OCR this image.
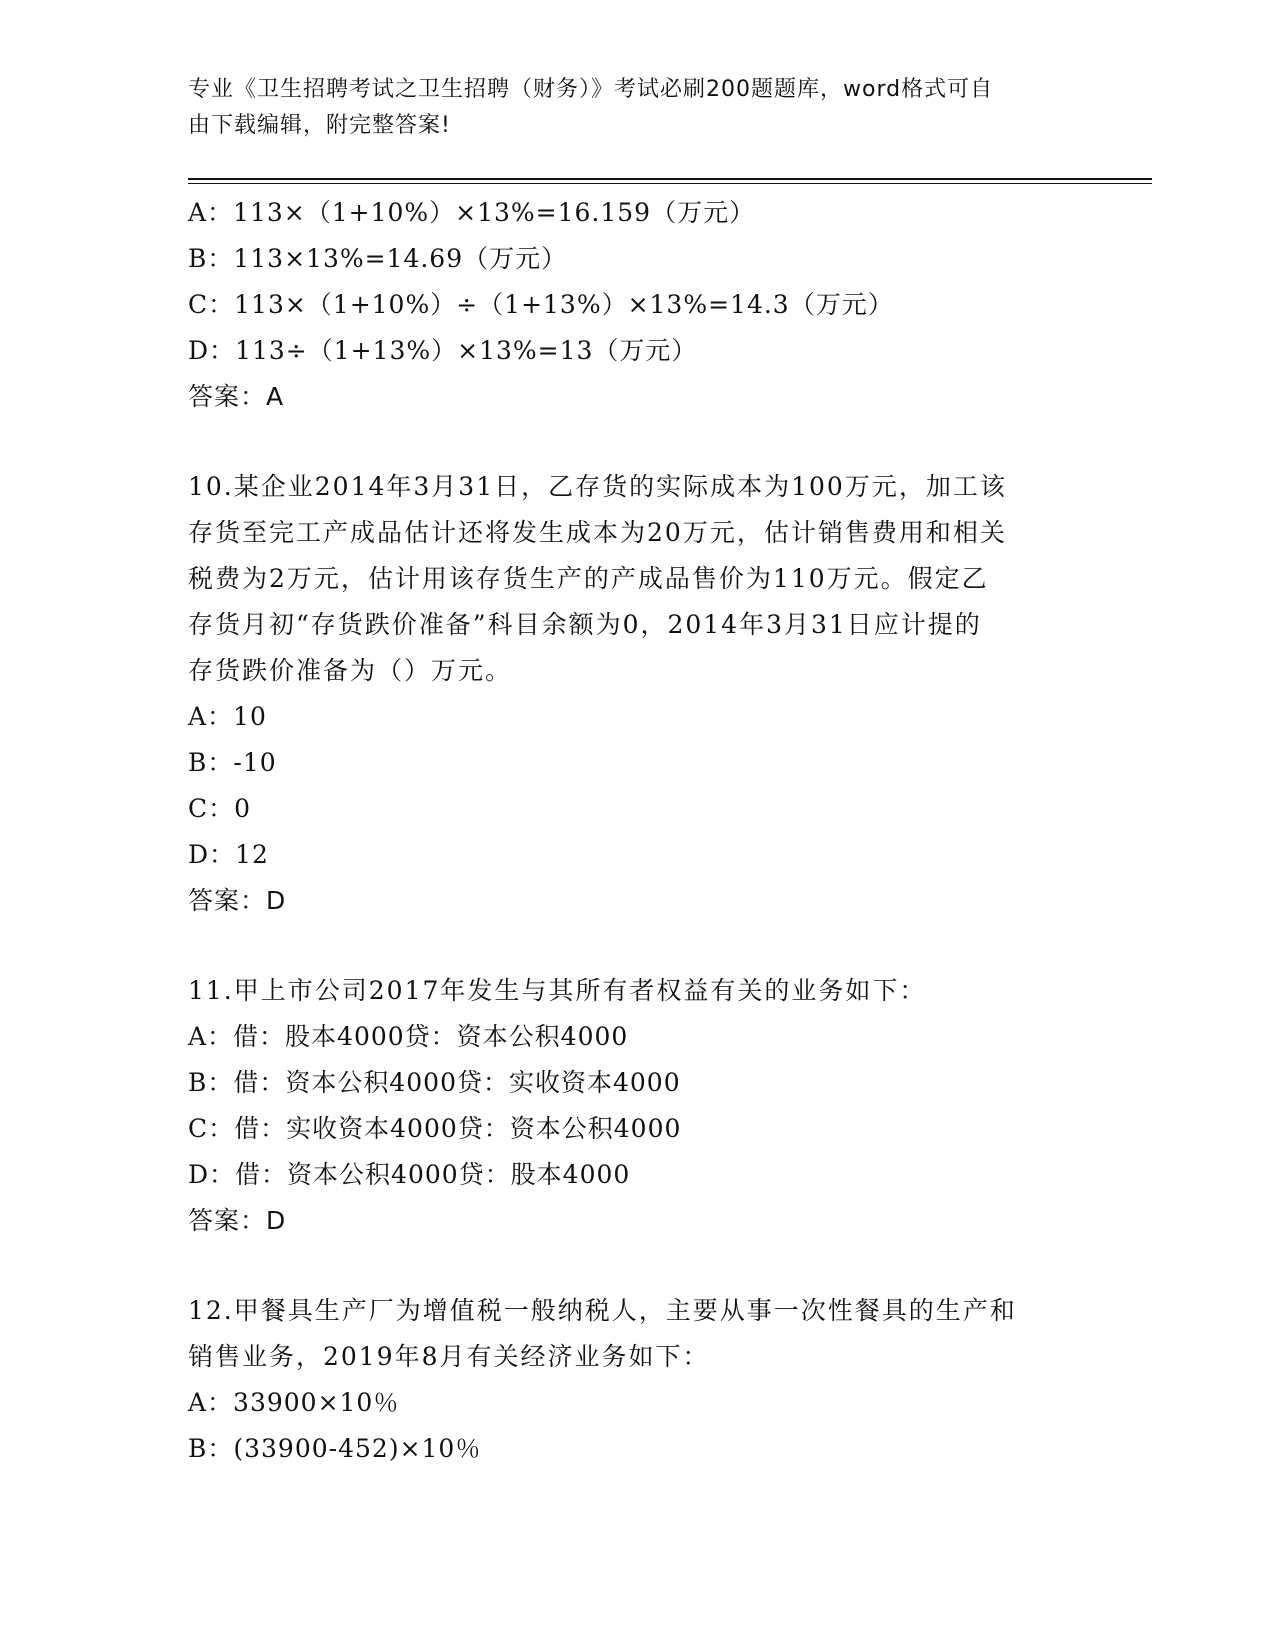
专业《卫生招聘考试之卫生招聘（财务）》考试必刷200题题库，word格式可自
由下载编辑，附完整答案!
A：113×（1+10%）×13%=16.159（万元）
B：113×13%=14.69（万元）
C：113×（1+10%）÷（1+13%）×13%=14.3（万元）
D：113÷（1+13%）×13%=13（万元）
答案：A
10.某企业2014年3月31日，乙存货的实际成本为100万元，加工该
存货至完工产成品估计还将发生成本为20万元，估计销售费用和相关
税费为2万元，估计用该存货生产的产成品售价为110万元。假定乙
存货月初“存货跌价准备”科目余额为0，2014年3月31日应计提的
存货跌价准备为（）万元。
A：10
B：-10
C：0
D：12
答案：D
11.甲上市公司2017年发生与其所有者权益有关的业务如下：
A：借：股本4000贷：资本公积4000
B：借：资本公积4000贷：实收资本4000
C：借：实收资本4000贷：资本公积4000
D：借：资本公积4000贷：股本4000
答案：D
12.甲餐具生产厂为增值税一般纳税人，主要从事一次性餐具的生产和
销售业务，2019年8月有关经济业务如下：
A：33900×10％
B：(33900-452)×10％
